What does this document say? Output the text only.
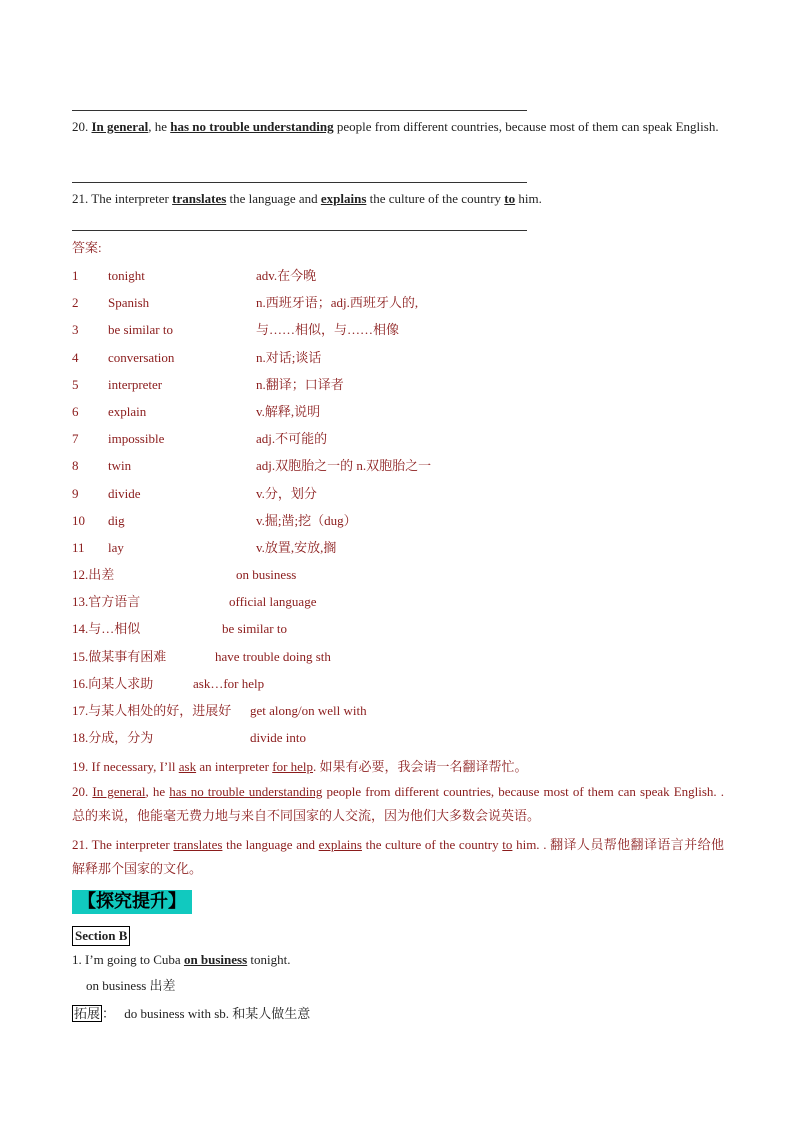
20. In general, he has no trouble understanding people from different countries, because most of them can speak English.
21. The interpreter translates the language and explains the culture of the country to him.
答案:
1 tonight	adv.在今晚
2 Spanish	n.西班牙语；adj.西班牙人的,
3 be similar to	与……相似，与……相像
4 conversation	n.对话;谈话
5 interpreter	n.翻译；口译者
6 explain	v.解释,说明
7 impossible	adj.不可能的
8 twin	adj.双胞胎之一的 n.双胞胎之一
9 divide	v.分，划分
10 dig	v.掘;凿;挖（dug）
11 lay	v.放置,安放,搁
12.出差	on business
13.官方语言	official language
14.与…相似	be similar to
15.做某事有困难	have trouble doing sth
16.向某人求助	ask…for help
17.与某人相处的好，进展好 get along/on well with
18.分成，分为	divide into
19. If necessary, I’ll ask an interpreter for help. 如果有必要，我会请一名翻译帮忙。
20. In general, he has no trouble understanding people from different countries, because most of them can speak English. . 总的来说，他能毫无费力地与来自不同国家的人交流，因为他们大多数会说英语。
21. The interpreter translates the language and explains the culture of the country to him. . 翻译人员帮他翻译语言并给他解释那个国家的文化。
【探究提升】
Section B
1. I’m going to Cuba on business tonight.
on business 出差
拓展 ： do business with sb. 和某人做生意
